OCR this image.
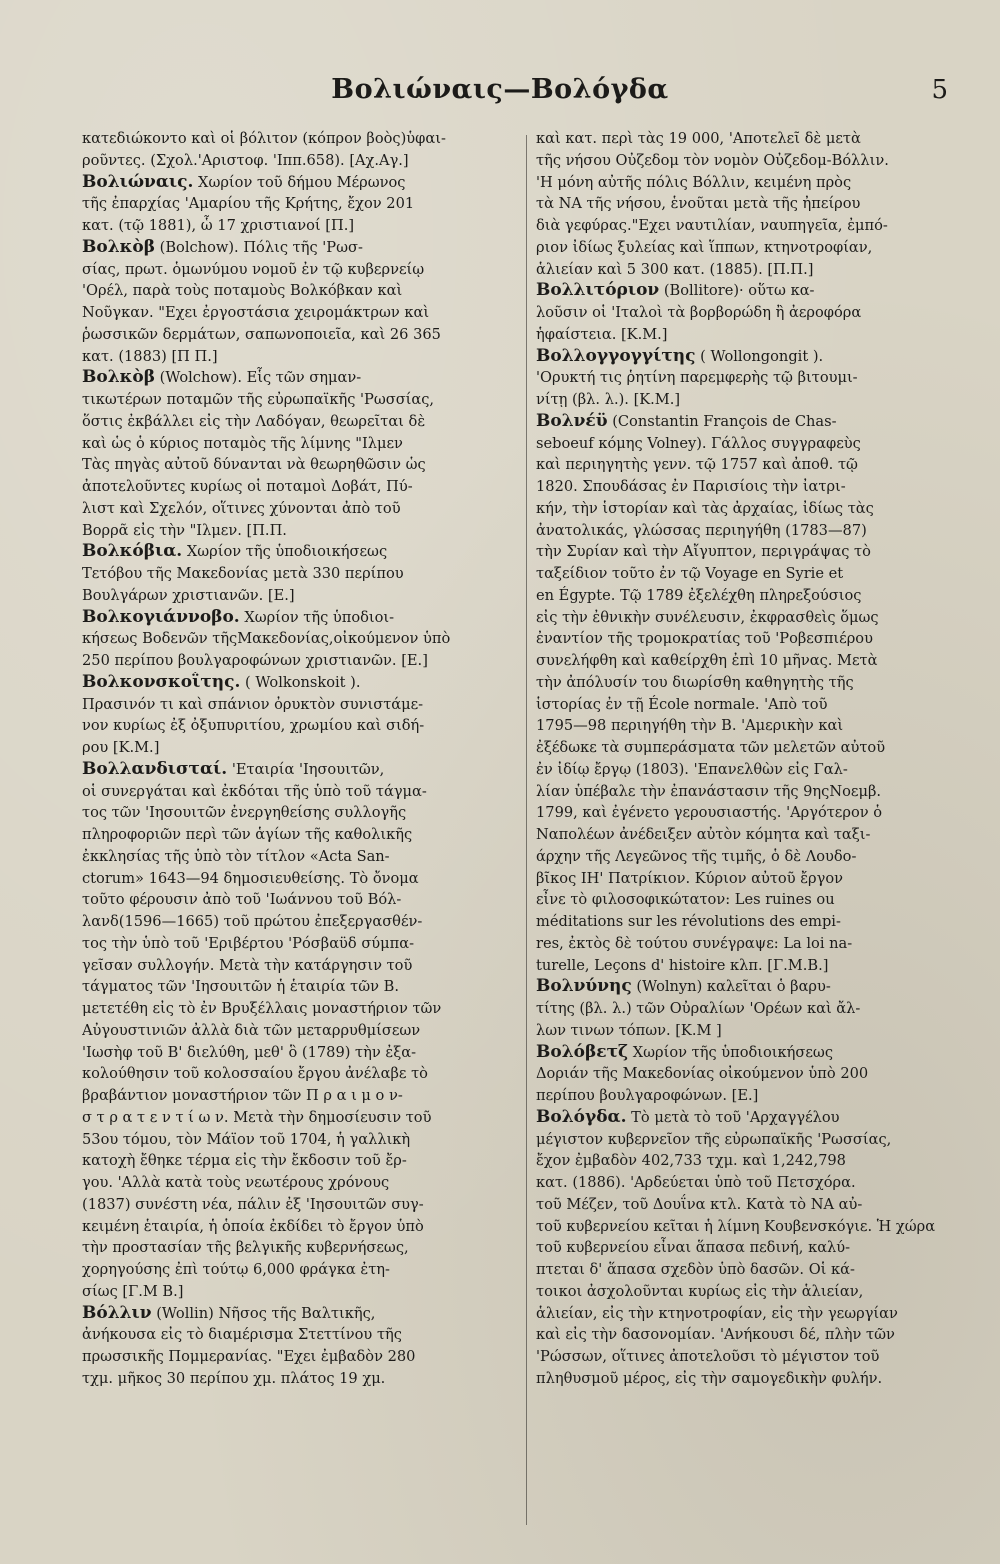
Βολιώναις—Βολόγδα	5
κατεδιώκοντο καὶ οἱ βόλιτον (κόπρον βοὸς)ὑφαι-
ροῦντες. (Σχολ.'Αριστοφ. 'Ιππ.658). [Αχ.Αγ.]
Βολιώναις. Χωρίον τοῦ δήμου Μέρωνος
τῆς ἐπαρχίας 'Αμαρίου τῆς Κρήτης, ἔχον 201
κατ. (τῷ 1881), ὧ 17 χριστιανοί [Π.]
Βολκὸβ (Bolchow). Πόλις τῆς 'Ρωσ-
σίας, πρωτ. ὁμωνύμου νομοῦ ἐν τῷ κυβερνείῳ
'Ορέλ, παρὰ τοὺς ποταμοὺς Βολκόβκαν καὶ
Νοῦγκαν. "Εχει ἐργοστάσια χειρομάκτρων καὶ
ῥωσσικῶν δερμάτων, σαπωνοποιεῖα, καὶ 26 365
κατ. (1883) [Π Π.]
Βολκὸβ (Wolchow). Εἷς τῶν σημαν-
τικωτέρων ποταμῶν τῆς εὐρωπαϊκῆς 'Ρωσσίας,
ὅστις ἐκβάλλει εἰς τὴν Λαδόγαν, θεωρεῖται δὲ
καὶ ὡς ὁ κύριος ποταμὸς τῆς λίμνης "Ιλμεν
Τὰς πηγὰς αὐτοῦ δύνανται νὰ θεωρηθῶσιν ὡς
ἀποτελοῦντες κυρίως οἱ ποταμοὶ Δοβάτ, Πύ-
λιστ καὶ Σχελόν, οἵτινες χύνονται ἀπὸ τοῦ
Βορρᾶ εἰς τὴν "Ιλμεν. [Π.Π.
Βολκόβια. Χωρίον τῆς ὑποδιοικήσεως
Τετόβου τῆς Μακεδονίας μετὰ 330 περίπου
Βουλγάρων χριστιανῶν. [Ε.]
Βολκογιάννοβο. Χωρίον τῆς ὑποδιοι-
κήσεως Βοδενῶν τῆςΜακεδονίας,οἰκούμενον ὑπὸ
250 περίπου βουλγαροφώνων χριστιανῶν. [Ε.]
Βολκονσκοΐτης. ( Wolkonskoit ).
Πρασινόν τι καὶ σπάνιον ὀρυκτὸν συνιστάμε-
νον κυρίως ἐξ ὀξυπυριτίου, χρωμίου καὶ σιδή-
ρου [Κ.Μ.]
Βολλανδισταί. 'Εταιρία 'Ιησουιτῶν,
οἱ συνεργάται καὶ ἐκδόται τῆς ὑπὸ τοῦ τάγμα-
τος τῶν 'Ιησουιτῶν ἐνεργηθείσης συλλογῆς
πληροφοριῶν περὶ τῶν ἁγίων τῆς καθολικῆς
ἐκκλησίας τῆς ὑπὸ τὸν τίτλον «Acta San-
ctorum» 1643—94 δημοσιευθείσης. Τὸ ὄνομα
τοῦτο φέρουσιν ἀπὸ τοῦ 'Ιωάννου τοῦ Βόλ-
λανδ(1596—1665) τοῦ πρώτου ἐπεξεργασθέν-
τος τὴν ὑπὸ τοῦ 'Εριβέρτου 'Ρόσβαϋδ σύμπα-
γεῖσαν συλλογήν. Μετὰ τὴν κατάργησιν τοῦ
τάγματος τῶν 'Ιησουιτῶν ἡ ἑταιρία τῶν Β.
μετετέθη εἰς τὸ ἐν Βρυξέλλαις μοναστήριον τῶν
Αὐγουστινιῶν ἀλλὰ διὰ τῶν μεταρρυθμίσεων
'Ιωσὴφ τοῦ Β' διελύθη, μεθ' ὃ (1789) τὴν ἐξα-
κολούθησιν τοῦ κολοσσαίου ἔργου ἀνέλαβε τὸ
βραβάντιον μοναστήριον τῶν Π ρ α ι μ ο ν-
σ τ ρ α τ ε ν τ ί ω ν. Μετὰ τὴν δημοσίευσιν τοῦ
53ου τόμου, τὸν Μάϊον τοῦ 1704, ἡ γαλλικὴ
κατοχὴ ἔθηκε τέρμα εἰς τὴν ἔκδοσιν τοῦ ἔρ-
γου. 'Αλλὰ κατὰ τοὺς νεωτέρους χρόνους
(1837) συνέστη νέα, πάλιν ἐξ 'Ιησουιτῶν συγ-
κειμένη ἑταιρία, ἡ ὁποία ἐκδίδει τὸ ἔργον ὑπὸ
τὴν προστασίαν τῆς βελγικῆς κυβερνήσεως,
χορηγούσης ἐπὶ τούτῳ 6,000 φράγκα ἐτη-
σίως [Γ.Μ Β.]
Βόλλιν (Wollin) Νῆσος τῆς Βαλτικῆς,
ἀνήκουσα εἰς τὸ διαμέρισμα Στεττίνου τῆς
πρωσσικῆς Πομμερανίας. "Εχει ἐμβαδὸν 280
τχμ. μῆκος 30 περίπου χμ. πλάτος 19 χμ.
καὶ κατ. περὶ τὰς 19 000, 'Αποτελεῖ δὲ μετὰ
τῆς νήσου Οὐζεδομ τὸν νομὸν Οὐζεδομ-Βόλλιν.
'Η μόνη αὐτῆς πόλις Βόλλιν, κειμένη πρὸς
τὰ ΝΑ τῆς νήσου, ἑνοῦται μετὰ τῆς ἠπείρου
διὰ γεφύρας."Εχει ναυτιλίαν, ναυπηγεῖα, ἐμπό-
ριον ἰδίως ξυλείας καὶ ἵππων, κτηνοτροφίαν,
ἁλιείαν καὶ 5 300 κατ. (1885). [Π.Π.]
Βολλιτόριον (Bollitore)· οὕτω κα-
λοῦσιν οἱ 'Ιταλοὶ τὰ βορβορώδη ἢ ἀεροφόρα
ἡφαίστεια. [Κ.Μ.]
Βολλογγογγίτης ( Wollongongit ).
'Ορυκτή τις ῥητίνη παρεμφερὴς τῷ βιτουμι-
νίτῃ (βλ. λ.). [Κ.Μ.]
Βολνέϋ (Constantin François de Chas-
seboeuf κόμης Volney). Γάλλος συγγραφεὺς
καὶ περιηγητὴς γενν. τῷ 1757 καὶ ἀποθ. τῷ
1820. Σπουδάσας ἐν Παρισίοις τὴν ἰατρι-
κήν, τὴν ἱστορίαν καὶ τὰς ἀρχαίας, ἰδίως τὰς
ἀνατολικάς, γλώσσας περιηγήθη (1783—87)
τὴν Συρίαν καὶ τὴν Αἴγυπτον, περιγράψας τὸ
ταξείδιον τοῦτο ἐν τῷ Voyage en Syrie et
en Égypte. Τῷ 1789 ἐξελέχθη πληρεξούσιος
εἰς τὴν ἐθνικὴν συνέλευσιν, ἐκφρασθεὶς ὅμως
ἐναντίον τῆς τρομοκρατίας τοῦ 'Ροβεσπιέρου
συνελήφθη καὶ καθείρχθη ἐπὶ 10 μῆνας. Μετὰ
τὴν ἀπόλυσίν του διωρίσθη καθηγητὴς τῆς
ἱστορίας ἐν τῇ École normale. 'Απὸ τοῦ
1795—98 περιηγήθη τὴν Β. 'Αμερικὴν καὶ
ἐξέδωκε τὰ συμπεράσματα τῶν μελετῶν αὐτοῦ
ἐν ἰδίῳ ἔργῳ (1803). 'Επανελθὼν εἰς Γαλ-
λίαν ὑπέβαλε τὴν ἐπανάστασιν τῆς 9ηςΝοεμβ.
1799, καὶ ἐγένετο γερουσιαστής. 'Αργότερον ὁ
Ναπολέων ἀνέδειξεν αὐτὸν κόμητα καὶ ταξι-
άρχην τῆς Λεγεῶνος τῆς τιμῆς, ὁ δὲ Λουδο-
βῖκος ΙΗ' Πατρίκιον. Κύριον αὐτοῦ ἔργον
εἶνε τὸ φιλοσοφικώτατον: Les ruines ou
méditations sur les révolutions des empi-
res, ἐκτὸς δὲ τούτου συνέγραψε: La loi na-
turelle, Leçons d' histoire κλπ. [Γ.Μ.Β.]
Βολνύνης (Wolnyn) καλεῖται ὁ βαρυ-
τίτης (βλ. λ.) τῶν Οὐραλίων 'Ορέων καὶ ἄλ-
λων τινων τόπων. [Κ.Μ ]
Βολόβετζ Χωρίον τῆς ὑποδιοικήσεως
Δοριάν τῆς Μακεδονίας οἰκούμενον ὑπὸ 200
περίπου βουλγαροφώνων. [Ε.]
Βολόγδα. Τὸ μετὰ τὸ τοῦ 'Αρχαγγέλου
μέγιστον κυβερνεῖον τῆς εὐρωπαϊκῆς 'Ρωσσίας,
ἔχον ἐμβαδὸν 402,733 τχμ. καὶ 1,242,798
κατ. (1886). 'Αρδεύεται ὑπὸ τοῦ Πετσχόρα.
τοῦ Μέζεν, τοῦ Δουΐνα κτλ. Κατὰ τὸ ΝΑ αὐ-
τοῦ κυβερνείου κεῖται ἡ λίμνη Κουβενσκόγιε. Ἡ χώρα
τοῦ κυβερνείου εἶναι ἅπασα πεδινή, καλύ-
πτεται δ' ἅπασα σχεδὸν ὑπὸ δασῶν. Οἱ κά-
τοικοι ἀσχολοῦνται κυρίως εἰς τὴν ἁλιείαν,
ἁλιείαν, εἰς τὴν κτηνοτροφίαν, εἰς τὴν γεωργίαν
καὶ εἰς τὴν δασονομίαν. 'Ανήκουσι δέ, πλὴν τῶν
'Ρώσσων, οἵτινες ἀποτελοῦσι τὸ μέγιστον τοῦ
πληθυσμοῦ μέρος, εἰς τὴν σαμογεδικὴν φυλήν.
